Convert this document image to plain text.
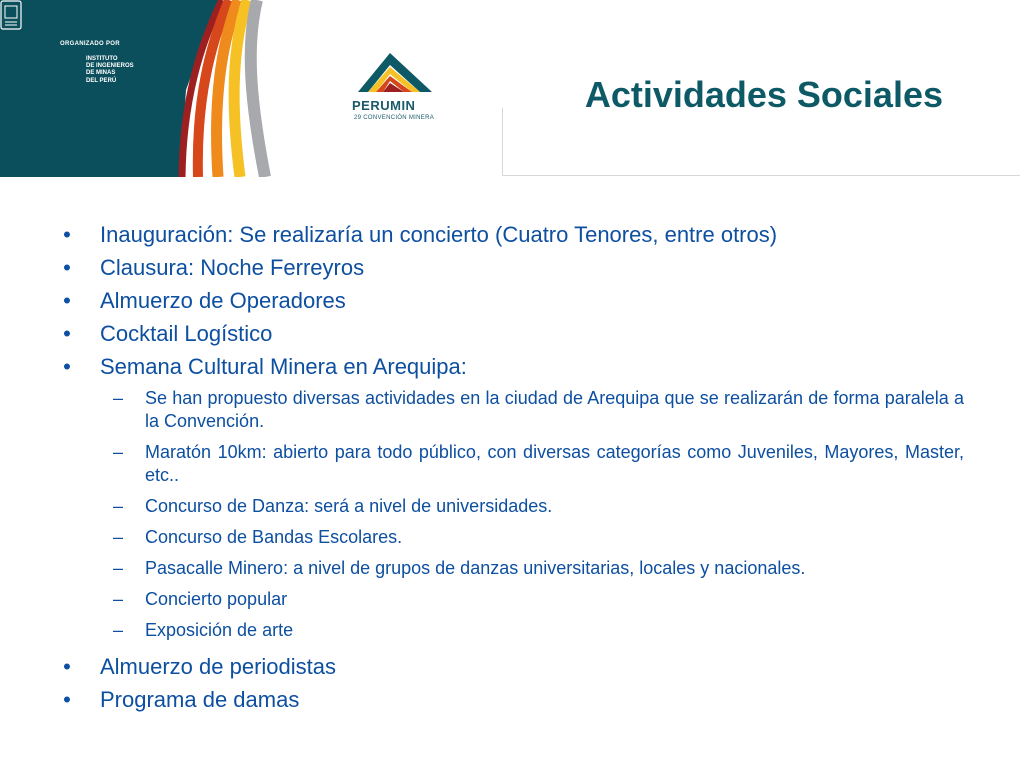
ORGANIZADO POR
INSTITUTO
DE INGENIEROS
DE MINAS
DEL PERÚ
PERUMIN
29 CONVENCIÓN MINERA
Actividades Sociales
• Inauguración: Se realizaría un concierto (Cuatro Tenores, entre otros)
• Clausura: Noche Ferreyros
• Almuerzo de Operadores
• Cocktail Logístico
• Semana Cultural Minera en Arequipa:
– Se han propuesto diversas actividades en la ciudad de Arequipa que se realizarán de forma paralela a la Convención.
– Maratón 10km: abierto para todo público, con diversas categorías como Juveniles, Mayores, Master, etc..
– Concurso de Danza: será a nivel de universidades.
– Concurso de Bandas Escolares.
– Pasacalle Minero: a nivel de grupos de danzas universitarias, locales y nacionales.
– Concierto popular
– Exposición de arte
• Almuerzo de periodistas
• Programa de damas
